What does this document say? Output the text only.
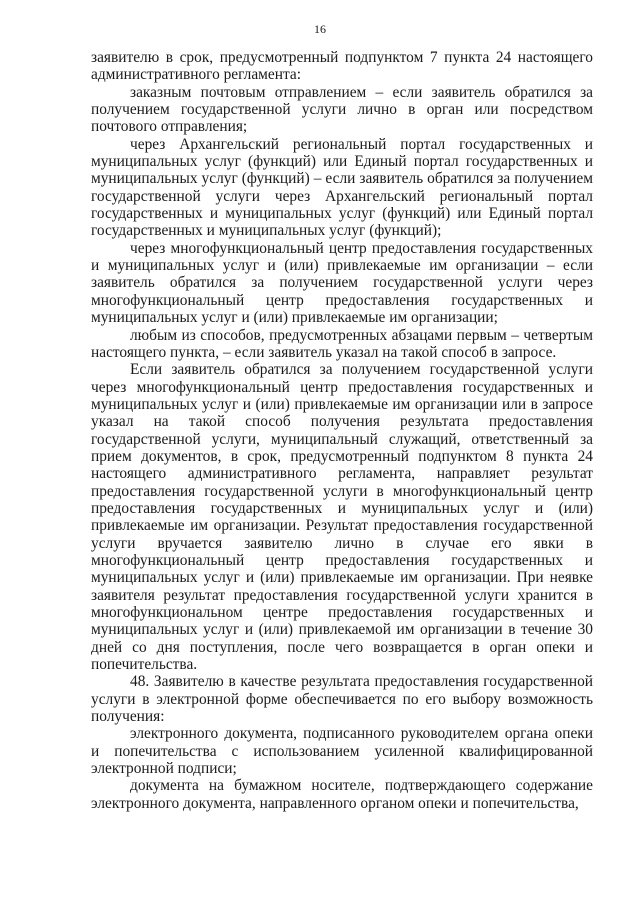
16

заявителю в срок, предусмотренный подпунктом 7 пункта 24 настоящего административного регламента:

заказным почтовым отправлением – если заявитель обратился за получением государственной услуги лично в орган или посредством почтового отправления;

через Архангельский региональный портал государственных и муниципальных услуг (функций) или Единый портал государственных и муниципальных услуг (функций) – если заявитель обратился за получением государственной услуги через Архангельский региональный портал государственных и муниципальных услуг (функций) или Единый портал государственных и муниципальных услуг (функций);

через многофункциональный центр предоставления государственных и муниципальных услуг и (или) привлекаемые им организации – если заявитель обратился за получением государственной услуги через многофункциональный центр предоставления государственных и муниципальных услуг и (или) привлекаемые им организации;

любым из способов, предусмотренных абзацами первым – четвертым настоящего пункта, – если заявитель указал на такой способ в запросе.

Если заявитель обратился за получением государственной услуги через многофункциональный центр предоставления государственных и муниципальных услуг и (или) привлекаемые им организации или в запросе указал на такой способ получения результата предоставления государственной услуги, муниципальный служащий, ответственный за прием документов, в срок, предусмотренный подпунктом 8 пункта 24 настоящего административного регламента, направляет результат предоставления государственной услуги в многофункциональный центр предоставления государственных и муниципальных услуг и (или) привлекаемые им организации. Результат предоставления государственной услуги вручается заявителю лично в случае его явки в многофункциональный центр предоставления государственных и муниципальных услуг и (или) привлекаемые им организации. При неявке заявителя результат предоставления государственной услуги хранится в многофункциональном центре предоставления государственных и муниципальных услуг и (или) привлекаемой им организации в течение 30 дней со дня поступления, после чего возвращается в орган опеки и попечительства.

48. Заявителю в качестве результата предоставления государственной услуги в электронной форме обеспечивается по его выбору возможность получения:

электронного документа, подписанного руководителем органа опеки и попечительства с использованием усиленной квалифицированной электронной подписи;

документа на бумажном носителе, подтверждающего содержание электронного документа, направленного органом опеки и попечительства,
